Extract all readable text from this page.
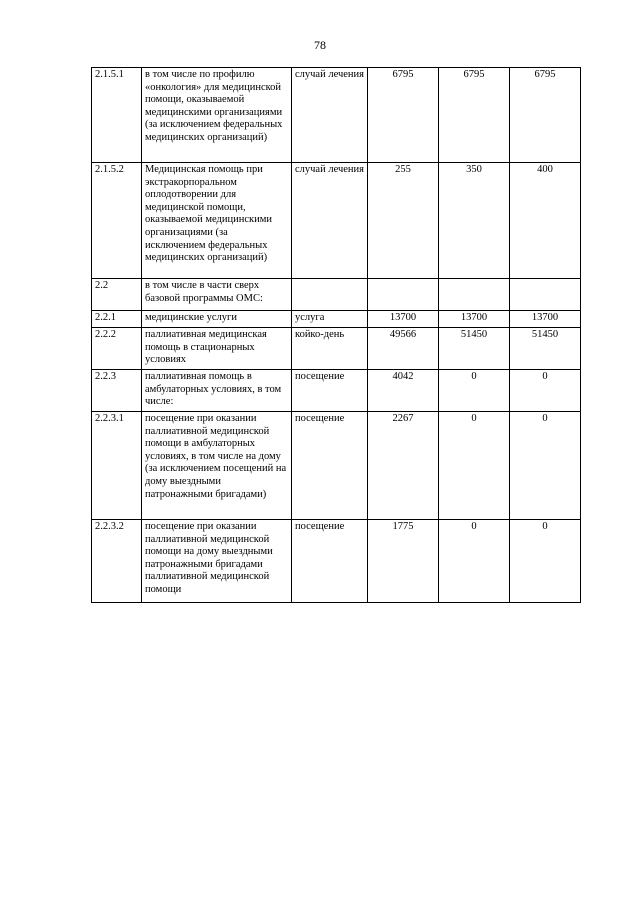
78
2.1.5.1	в том числе по профилю «онкология» для медицинской помощи, оказываемой медицинскими организациями (за исключением федеральных медицинских организаций)	случай лечения	6795	6795	6795
2.1.5.2	Медицинская помощь при экстракорпоральном оплодотворении для медицинской помощи, оказываемой медицинскими организациями (за исключением федеральных медицинских организаций)	случай лечения	255	350	400
2.2	в том числе в части сверх базовой программы ОМС:				
2.2.1	медицинские услуги	услуга	13700	13700	13700
2.2.2	паллиативная медицинская помощь в стационарных условиях	койко-день	49566	51450	51450
2.2.3	паллиативная помощь в амбулаторных условиях, в том числе:	посещение	4042	0	0
2.2.3.1	посещение при оказании паллиативной медицинской помощи в амбулаторных условиях, в том числе на дому (за исключением посещений на дому выездными патронажными бригадами)	посещение	2267	0	0
2.2.3.2	посещение при оказании паллиативной медицинской помощи на дому выездными патронажными бригадами паллиативной медицинской помощи	посещение	1775	0	0
